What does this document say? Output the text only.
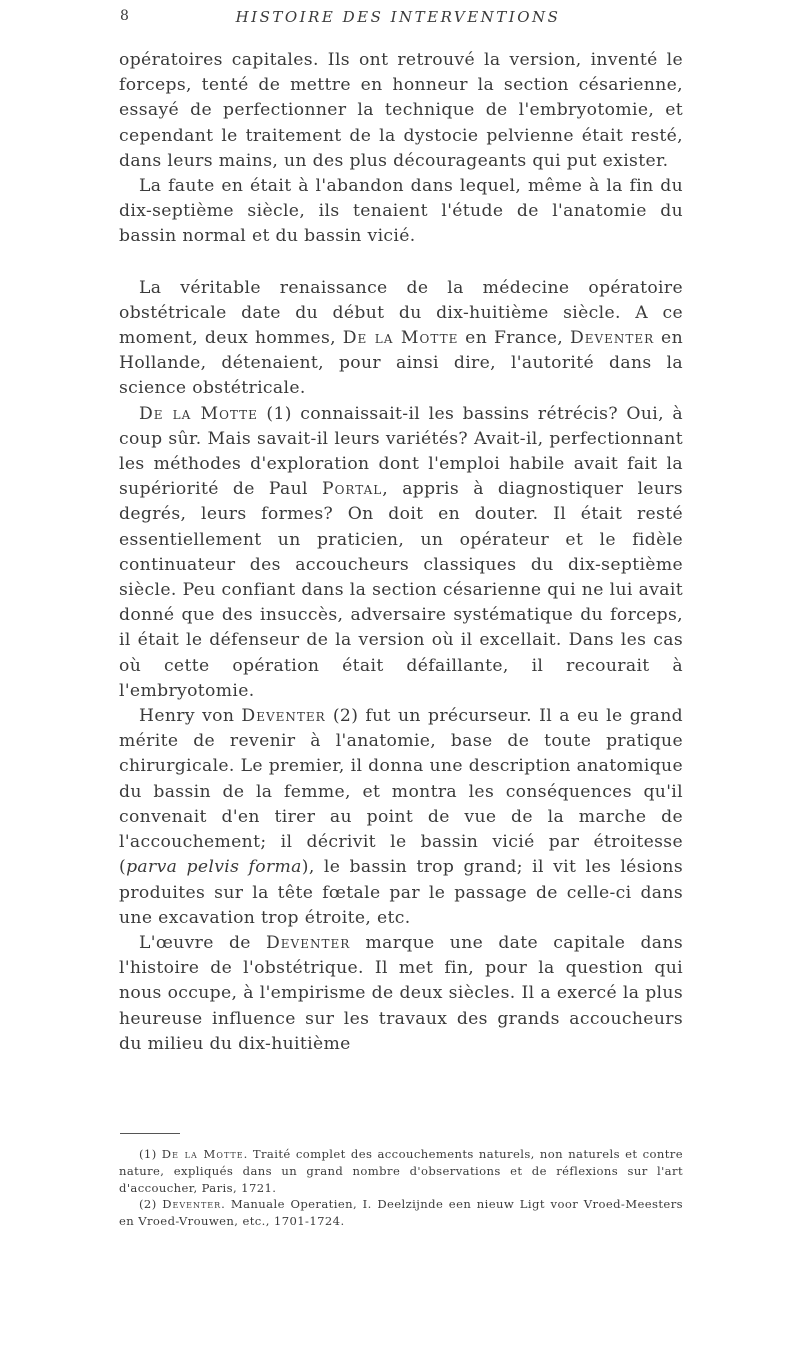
8	HISTOIRE DES INTERVENTIONS

opératoires capitales. Ils ont retrouvé la version, inventé le forceps, tenté de mettre en honneur la section césarienne, essayé de perfectionner la technique de l'embryotomie, et cependant le traitement de la dystocie pelvienne était resté, dans leurs mains, un des plus décourageants qui put exister.

La faute en était à l'abandon dans lequel, même à la fin du dix-septième siècle, ils tenaient l'étude de l'anatomie du bassin normal et du bassin vicié.

La véritable renaissance de la médecine opératoire obstétricale date du début du dix-huitième siècle. A ce moment, deux hommes, De la Motte en France, Deventer en Hollande, détenaient, pour ainsi dire, l'autorité dans la science obstétricale.

De la Motte (1) connaissait-il les bassins rétrécis? Oui, à coup sûr. Mais savait-il leurs variétés? Avait-il, perfectionnant les méthodes d'exploration dont l'emploi habile avait fait la supériorité de Paul Portal, appris à diagnostiquer leurs degrés, leurs formes? On doit en douter. Il était resté essentiellement un praticien, un opérateur et le fidèle continuateur des accoucheurs classiques du dix-septième siècle. Peu confiant dans la section césarienne qui ne lui avait donné que des insuccès, adversaire systématique du forceps, il était le défenseur de la version où il excellait. Dans les cas où cette opération était défaillante, il recourait à l'embryotomie.

Henry von Deventer (2) fut un précurseur. Il a eu le grand mérite de revenir à l'anatomie, base de toute pratique chirurgicale. Le premier, il donna une description anatomique du bassin de la femme, et montra les conséquences qu'il convenait d'en tirer au point de vue de la marche de l'accouchement; il décrivit le bassin vicié par étroitesse (parva pelvis forma), le bassin trop grand; il vit les lésions produites sur la tête fœtale par le passage de celle-ci dans une excavation trop étroite, etc.

L'œuvre de Deventer marque une date capitale dans l'histoire de l'obstétrique. Il met fin, pour la question qui nous occupe, à l'empirisme de deux siècles. Il a exercé la plus heureuse influence sur les travaux des grands accoucheurs du milieu du dix-huitième

(1) De la Motte. Traité complet des accouchements naturels, non naturels et contre nature, expliqués dans un grand nombre d'observations et de réflexions sur l'art d'accoucher, Paris, 1721.

(2) Deventer. Manuale Operatien, I. Deelzijnde een nieuw Ligt voor Vroed-Meesters en Vroed-Vrouwen, etc., 1701-1724.
